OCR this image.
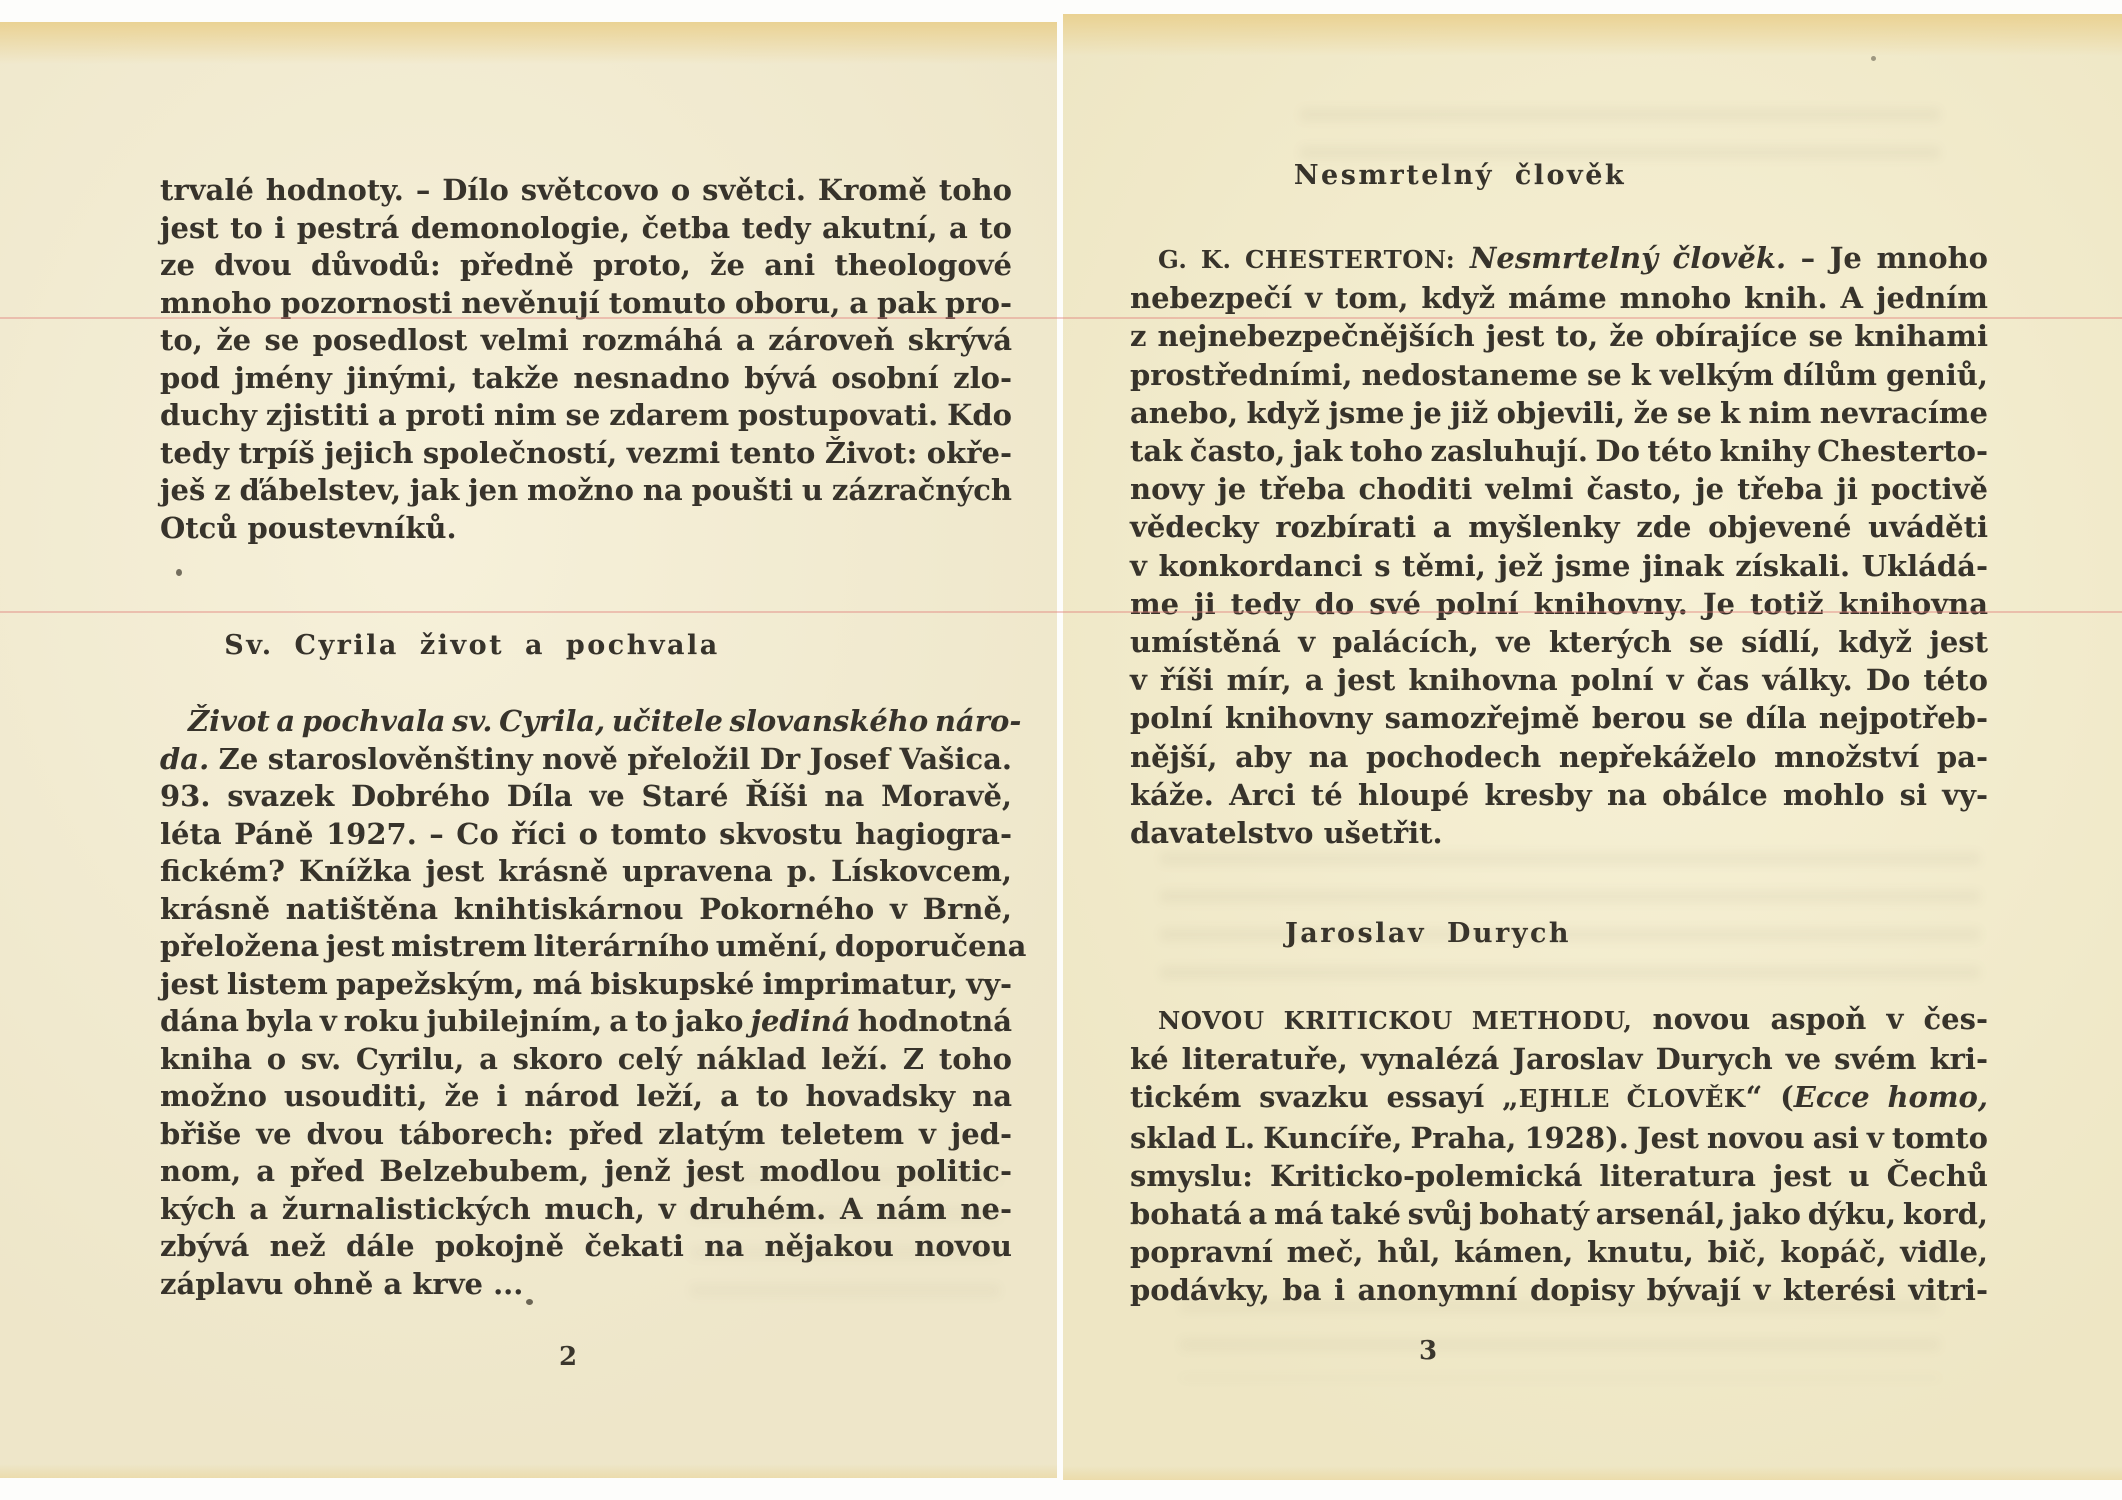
trvalé hodnoty. – Dílo světcovo o světci. Kromě toho
jest to i pestrá demonologie, četba tedy akutní, a to
ze dvou důvodů: předně proto, že ani theologové
mnoho pozornosti nevěnují tomuto oboru, a pak pro-
to, že se posedlost velmi rozmáhá a zároveň skrývá
pod jmény jinými, takže nesnadno bývá osobní zlo-
duchy zjistiti a proti nim se zdarem postupovati. Kdo
tedy trpíš jejich společností, vezmi tento Život: okře-
ješ z ďábelstev, jak jen možno na poušti u zázračných
Otců poustevníků.
Sv. Cyrila život a pochvala
Život a pochvala sv. Cyrila, učitele slovanského náro-
da. Ze staroslověnštiny nově přeložil Dr Josef Vašica.
93. svazek Dobrého Díla ve Staré Říši na Moravě,
léta Páně 1927. – Co říci o tomto skvostu hagiogra-
fickém? Knížka jest krásně upravena p. Lískovcem,
krásně natištěna knihtiskárnou Pokorného v Brně,
přeložena jest mistrem literárního umění, doporučena
jest listem papežským, má biskupské imprimatur, vy-
dána byla v roku jubilejním, a to jako jediná hodnotná
kniha o sv. Cyrilu, a skoro celý náklad leží. Z toho
možno usouditi, že i národ leží, a to hovadsky na
břiše ve dvou táborech: před zlatým teletem v jed-
nom, a před Belzebubem, jenž jest modlou politic-
kých a žurnalistických much, v druhém. A nám ne-
zbývá než dále pokojně čekati na nějakou novou
záplavu ohně a krve ...
2
Nesmrtelný člověk
G. K. CHESTERTON: Nesmrtelný člověk. – Je mnoho
nebezpečí v tom, když máme mnoho knih. A jedním
z nejnebezpečnějších jest to, že obírajíce se knihami
prostředními, nedostaneme se k velkým dílům geniů,
anebo, když jsme je již objevili, že se k nim nevracíme
tak často, jak toho zasluhují. Do této knihy Chesterto-
novy je třeba choditi velmi často, je třeba ji poctivě
vědecky rozbírati a myšlenky zde objevené uváděti
v konkordanci s těmi, jež jsme jinak získali. Ukládá-
me ji tedy do své polní knihovny. Je totiž knihovna
umístěná v palácích, ve kterých se sídlí, když jest
v říši mír, a jest knihovna polní v čas války. Do této
polní knihovny samozřejmě berou se díla nejpotřeb-
nější, aby na pochodech nepřekáželo množství pa-
káže. Arci té hloupé kresby na obálce mohlo si vy-
davatelstvo ušetřit.
Jaroslav Durych
NOVOU KRITICKOU METHODU, novou aspoň v čes-
ké literatuře, vynalézá Jaroslav Durych ve svém kri-
tickém svazku essayí „EJHLE ČLOVĚK“ (Ecce homo,
sklad L. Kuncíře, Praha, 1928). Jest novou asi v tomto
smyslu: Kriticko-polemická literatura jest u Čechů
bohatá a má také svůj bohatý arsenál, jako dýku, kord,
popravní meč, hůl, kámen, knutu, bič, kopáč, vidle,
podávky, ba i anonymní dopisy bývají v kterési vitri-
3
